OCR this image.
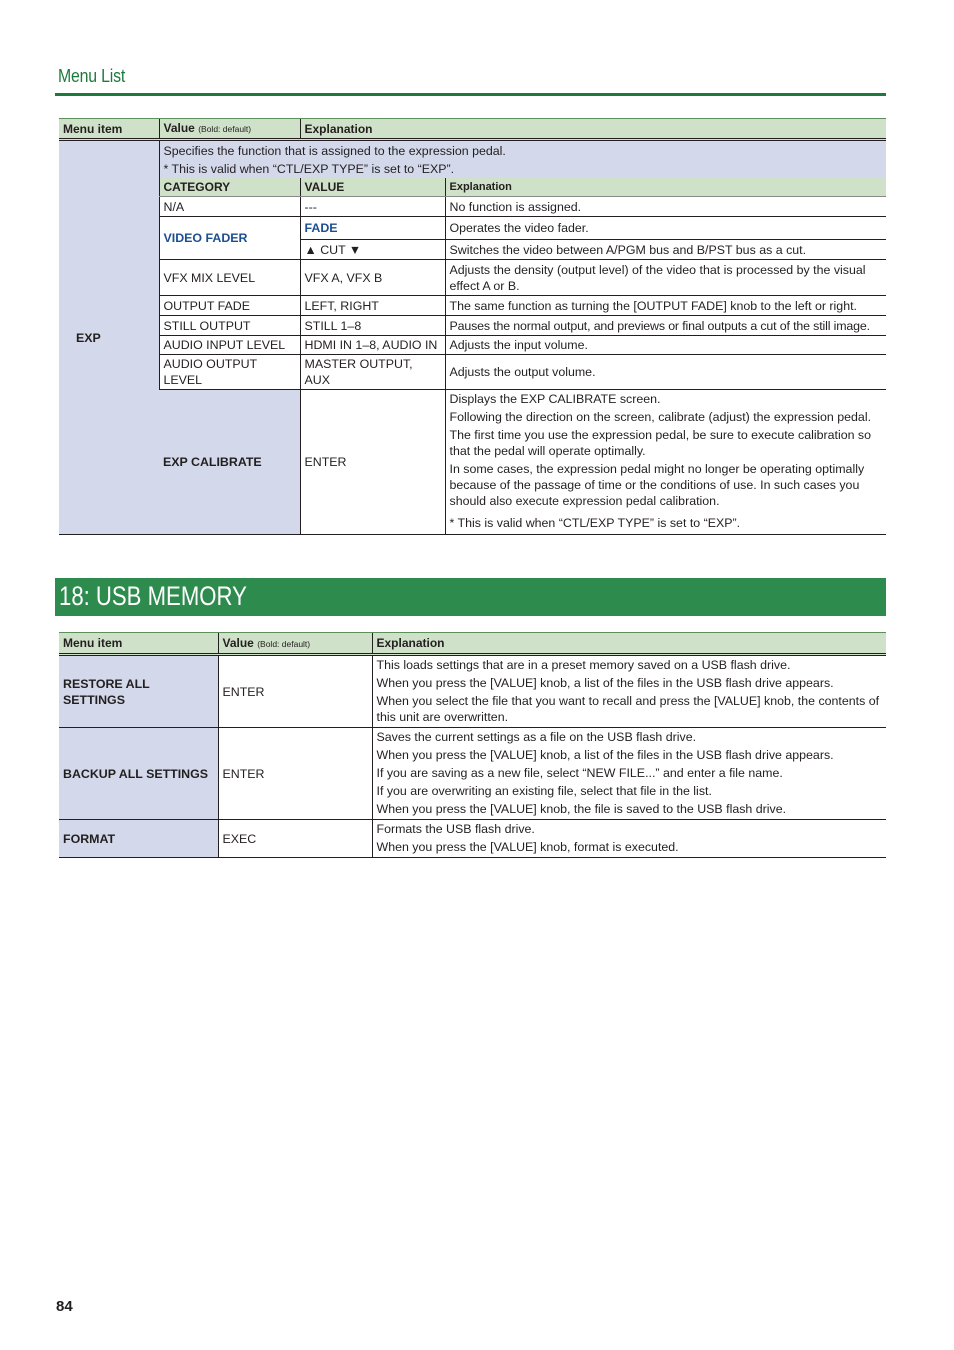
Menu List
Menu item	Value (Bold: default)	Explanation	
EXP	Specifies the function that is assigned to the expression pedal.
* This is valid when “CTL/EXP TYPE” is set to “EXP”.		

	CATEGORY	VALUE	Explanation
	N/A	---	No function is assigned.
	VIDEO FADER	FADE	Operates the video fader.
		▲ CUT ▼	Switches the video between A/PGM bus and B/PST bus as a cut.
	VFX MIX LEVEL	VFX A, VFX B	Adjusts the density (output level) of the video that is processed by the visual effect A or B.
	OUTPUT FADE	LEFT, RIGHT	The same function as turning the [OUTPUT FADE] knob to the left or right.
	STILL OUTPUT	STILL 1–8	Pauses the normal output, and previews or final outputs a cut of the still image.
	AUDIO INPUT LEVEL	HDMI IN 1–8, AUDIO IN	Adjusts the input volume.
	AUDIO OUTPUT LEVEL	MASTER OUTPUT, AUX	Adjusts the output volume.
	EXP CALIBRATE	ENTER	Displays the EXP CALIBRATE screen.

Following the direction on the screen, calibrate (adjust) the expression pedal.

The first time you use the expression pedal, be sure to execute calibration so that the pedal will operate optimally.

In some cases, the expression pedal might no longer be operating optimally because of the passage of time or the conditions of use. In such cases you should also execute expression pedal calibration.

* This is valid when “CTL/EXP TYPE” is set to “EXP”.

18: USB MEMORY
Menu item	Value (Bold: default)	Explanation
RESTORE ALL SETTINGS	ENTER	This loads settings that are in a preset memory saved on a USB flash drive.

When you press the [VALUE] knob, a list of the files in the USB flash drive appears.

When you select the file that you want to recall and press the [VALUE] knob, the contents of this unit are overwritten.

BACKUP ALL SETTINGS	ENTER	Saves the current settings as a file on the USB flash drive.

When you press the [VALUE] knob, a list of the files in the USB flash drive appears.

If you are saving as a new file, select “NEW FILE...” and enter a file name.

If you are overwriting an existing file, select that file in the list.

When you press the [VALUE] knob, the file is saved to the USB flash drive.

FORMAT	EXEC	Formats the USB flash drive.

When you press the [VALUE] knob, format is executed.

84
